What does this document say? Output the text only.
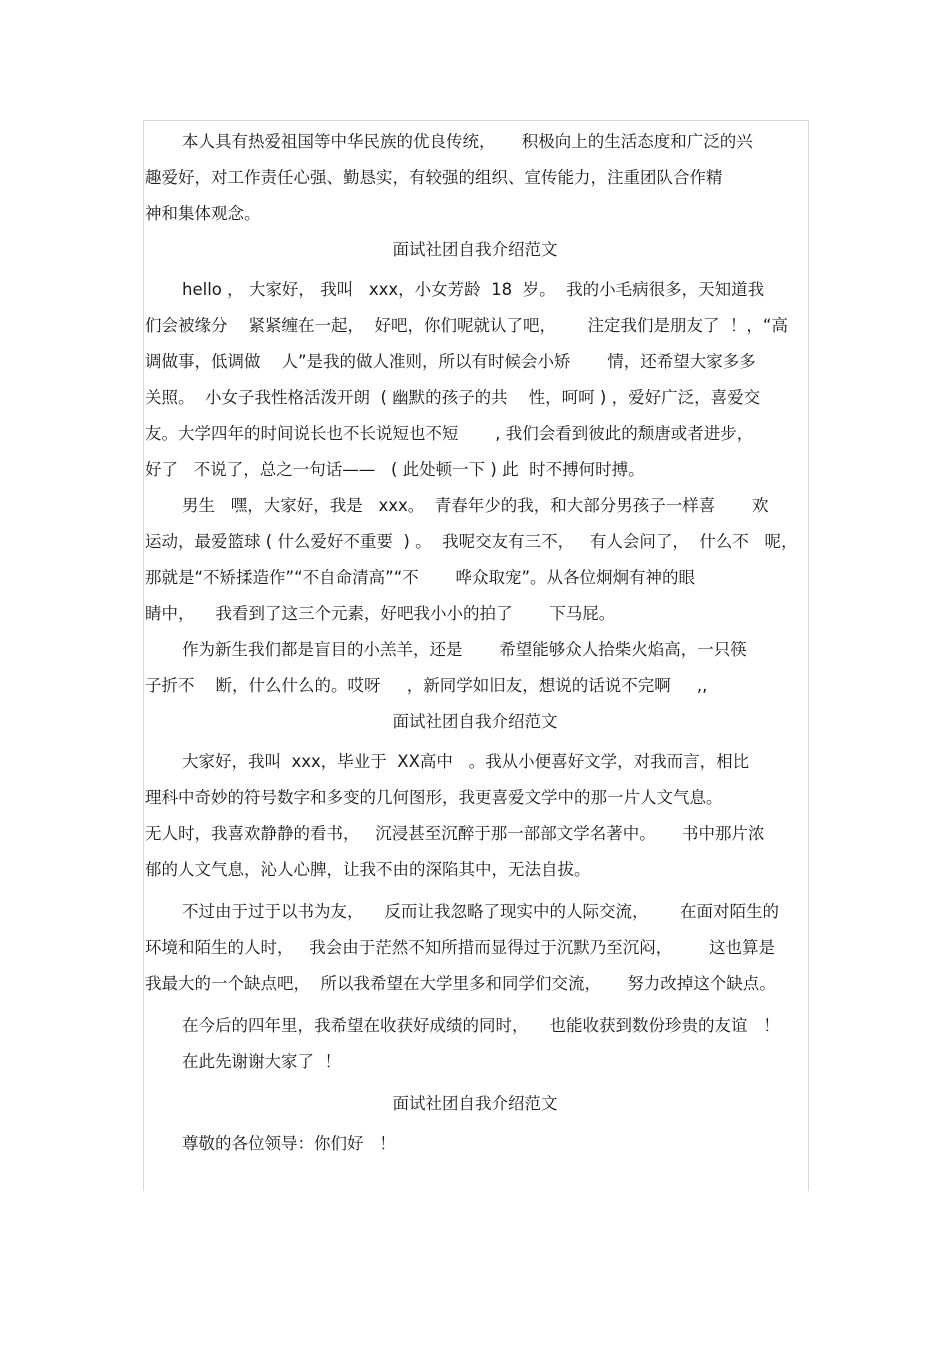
本人具有热爱祖国等中华民族的优良传统，     积极向上的生活态度和广泛的兴
趣爱好，对工作责任心强、勤恳实，有较强的组织、宣传能力，注重团队合作精
神和集体观念。
面试社团自我介绍范文
hello ， 大家好， 我叫   xxx，小女芳龄  18  岁。  我的小毛病很多，天知道我
们会被缘分    紧紧缠在一起，  好吧，你们呢就认了吧，      注定我们是朋友了  ！，“高
调做事，低调做    人”是我的做人准则，所以有时候会小矫       情，还希望大家多多
关照。  小女子我性格活泼开朗  ( 幽默的孩子的共    性，呵呵 ) ，爱好广泛，喜爱交
友。大学四年的时间说长也不长说短也不短       , 我们会看到彼此的颓唐或者进步，
好了   不说了，总之一句话——   ( 此处顿一下 ) 此  时不搏何时搏。
男生   嘿，大家好，我是   xxx。  青春年少的我，和大部分男孩子一样喜       欢
运动，最爱篮球 ( 什么爱好不重要  ) 。  我呢交友有三不，   有人会问了，  什么不   呢，
那就是“不矫揉造作”“不自命清高”“不       哗众取宠”。从各位炯炯有神的眼
睛中，    我看到了这三个元素，好吧我小小的拍了       下马屁。
作为新生我们都是盲目的小羔羊，还是       希望能够众人拾柴火焰高，一只筷
子折不    断，什么什么的。哎呀     ，新同学如旧友，想说的话说不完啊     ,,
面试社团自我介绍范文
大家好，我叫  xxx，毕业于  XX高中   。我从小便喜好文学，对我而言，相比
理科中奇妙的符号数字和多变的几何图形，我更喜爱文学中的那一片人文气息。
无人时，我喜欢静静的看书，   沉浸甚至沉醉于那一部部文学名著中。     书中那片浓
郁的人文气息，沁人心脾，让我不由的深陷其中，无法自拔。
不过由于过于以书为友，    反而让我忽略了现实中的人际交流，      在面对陌生的
环境和陌生的人时，   我会由于茫然不知所措而显得过于沉默乃至沉闷，       这也算是
我最大的一个缺点吧，  所以我希望在大学里多和同学们交流，     努力改掉这个缺点。
在今后的四年里，我希望在收获好成绩的同时，    也能收获到数份珍贵的友谊   ！
在此先谢谢大家了  ！
面试社团自我介绍范文
尊敬的各位领导：你们好   ！
